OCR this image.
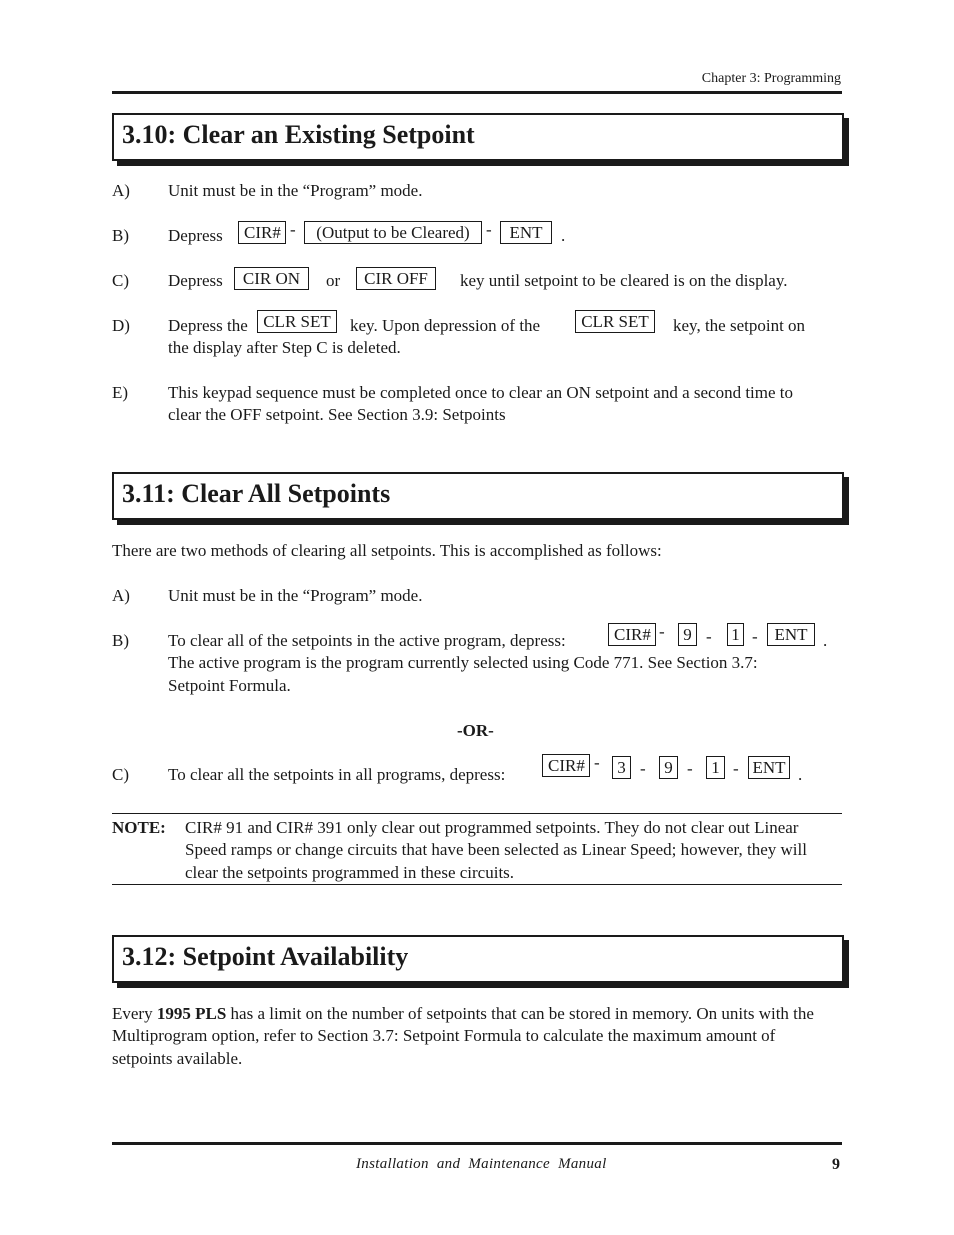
Chapter 3: Programming
3.10: Clear an Existing Setpoint
A) Unit must be in the “Program” mode.
B) Depress	CIR# -	(Output to be Cleared) -	ENT	.
C) Depress	CIR ON	or	CIR OFF	key until setpoint to be cleared is on the display.
D) Depress the CLR SET	key. Upon depression of the	CLR SET	key, the setpoint on
the display after Step C is deleted.
E) This keypad sequence must be completed once to clear an ON setpoint and a second time to
clear the OFF setpoint. See Section 3.9: Setpoints
3.11: Clear All Setpoints
There are two methods of clearing all setpoints. This is accomplished as follows:
A) Unit must be in the “Program” mode.
B) To clear all of the setpoints in the active program, depress:	CIR# -	9 - 1 - ENT .
The active program is the program currently selected using Code 771. See Section 3.7:
Setpoint Formula.
-OR-
C) To clear all the setpoints in all programs, depress:	CIR# -	3 -	9 -	1 - ENT .
NOTE: CIR# 91 and CIR# 391 only clear out programmed setpoints. They do not clear out Linear
Speed ramps or change circuits that have been selected as Linear Speed; however, they will
clear the setpoints programmed in these circuits.
3.12: Setpoint Availability
Every 1995 PLS has a limit on the number of setpoints that can be stored in memory. On units with the
Multiprogram option, refer to Section 3.7: Setpoint Formula to calculate the maximum amount of
setpoints available.
Installation  and  Maintenance  Manual	9
